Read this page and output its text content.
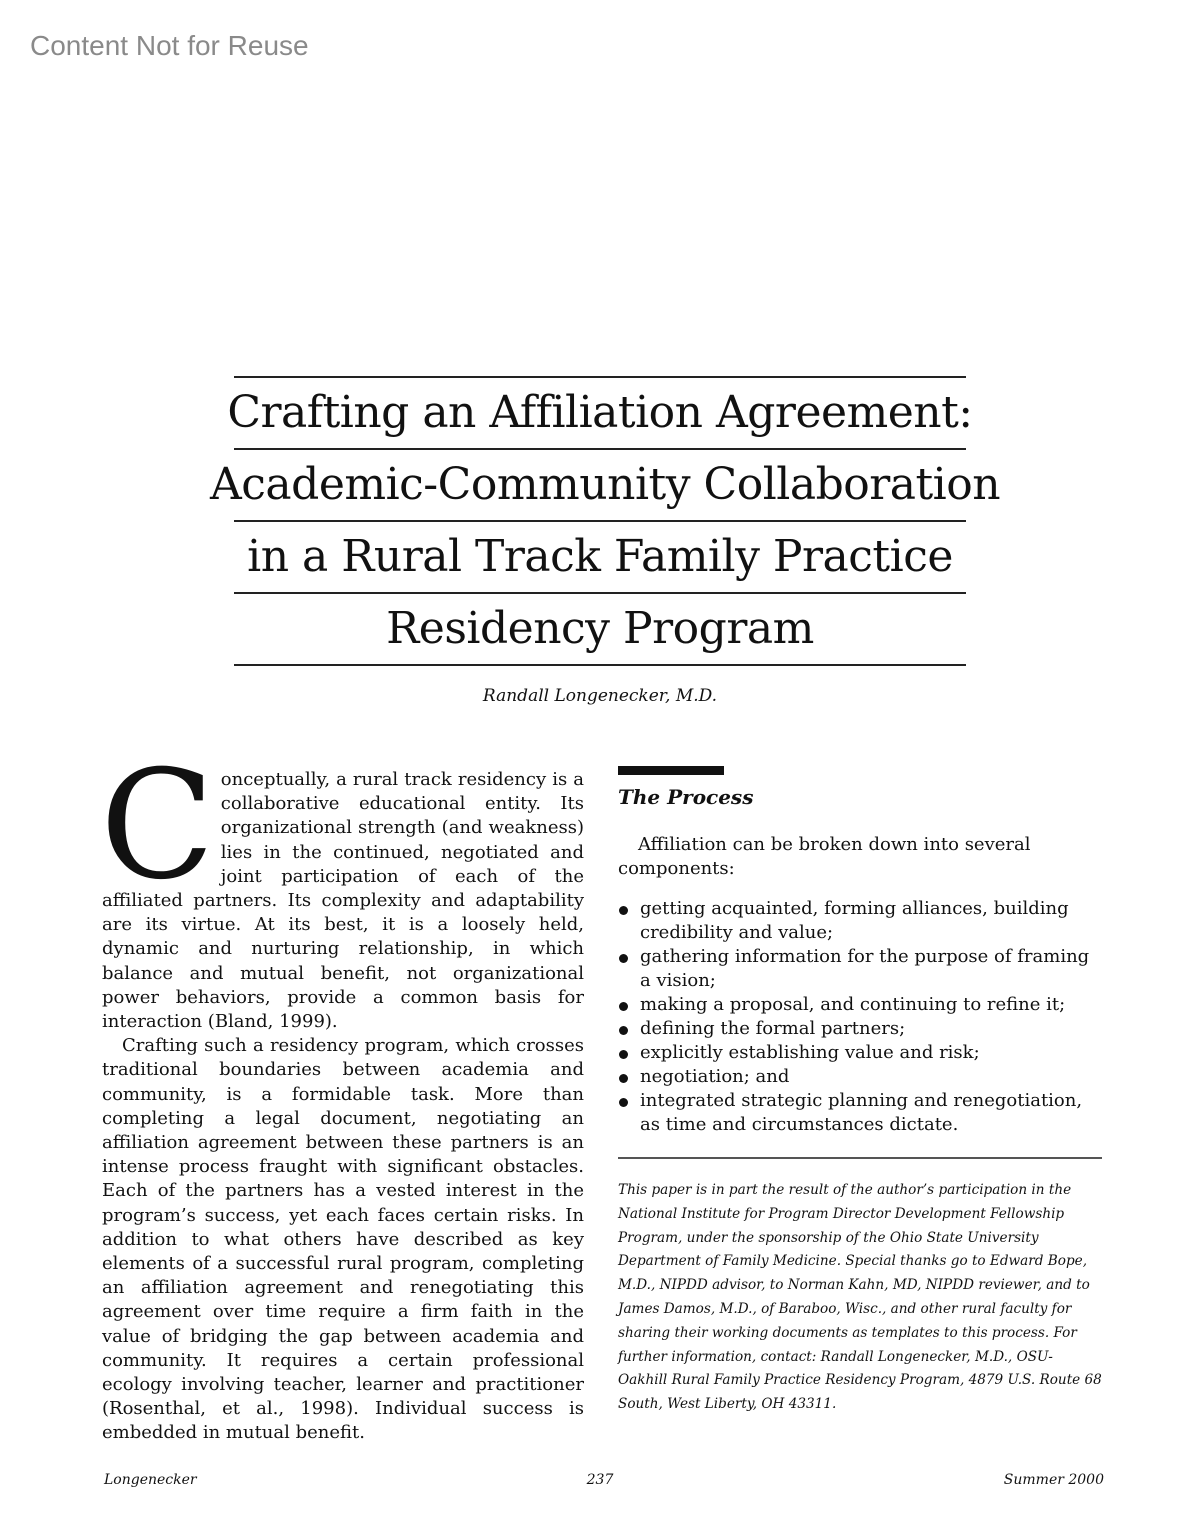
Content Not for Reuse
Crafting an Affiliation Agreement:
Academic-Community Collaboration
in a Rural Track Family Practice
Residency Program
Randall Longenecker, M.D.

Conceptually, a rural track residency is a collaborative educational entity. Its organizational strength (and weakness) lies in the continued, negotiated and joint participation of each of the affiliated partners. Its complexity and adaptability are its virtue. At its best, it is a loosely held, dynamic and nurturing relationship, in which balance and mutual benefit, not organizational power behaviors, provide a common basis for interaction (Bland, 1999).

Crafting such a residency program, which crosses traditional boundaries between academia and community, is a formidable task. More than completing a legal document, negotiating an affiliation agreement between these partners is an intense process fraught with significant obstacles. Each of the partners has a vested interest in the program’s success, yet each faces certain risks. In addition to what others have described as key elements of a successful rural program, completing an affiliation agreement and renegotiating this agreement over time require a firm faith in the value of bridging the gap between academia and community. It requires a certain professional ecology involving teacher, learner and practitioner (Rosenthal, et al., 1998). Individual success is embedded in mutual benefit.

The Process

Affiliation can be broken down into several components:

getting acquainted, forming alliances, building credibility and value;
gathering information for the purpose of framing a vision;
making a proposal, and continuing to refine it;
defining the formal partners;
explicitly establishing value and risk;
negotiation; and
integrated strategic planning and renegotiation, as time and circumstances dictate.

This paper is in part the result of the author’s participation in the National Institute for Program Director Development Fellowship Program, under the sponsorship of the Ohio State University Department of Family Medicine. Special thanks go to Edward Bope, M.D., NIPDD advisor, to Norman Kahn, MD, NIPDD reviewer, and to James Damos, M.D., of Baraboo, Wisc., and other rural faculty for sharing their working documents as templates to this process. For further information, contact: Randall Longenecker, M.D., OSU-Oakhill Rural Family Practice Residency Program, 4879 U.S. Route 68 South, West Liberty, OH 43311.

Longenecker	237	Summer 2000
